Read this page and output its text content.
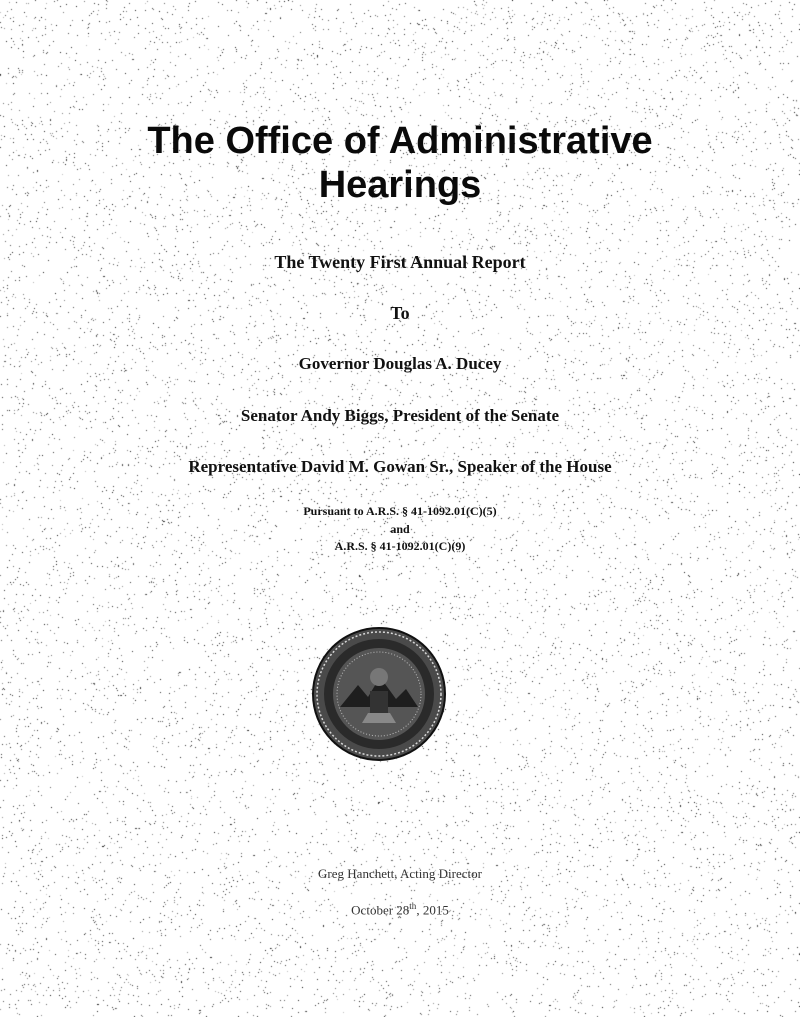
The Office of Administrative
Hearings
The Twenty First Annual Report
To
Governor Douglas A. Ducey
Senator Andy Biggs, President of the Senate
Representative David M. Gowan Sr., Speaker of the House
Pursuant to A.R.S. § 41-1092.01(C)(5)
and
A.R.S. § 41-1092.01(C)(9)
Greg Hanchett, Acting Director
October 28th, 2015
